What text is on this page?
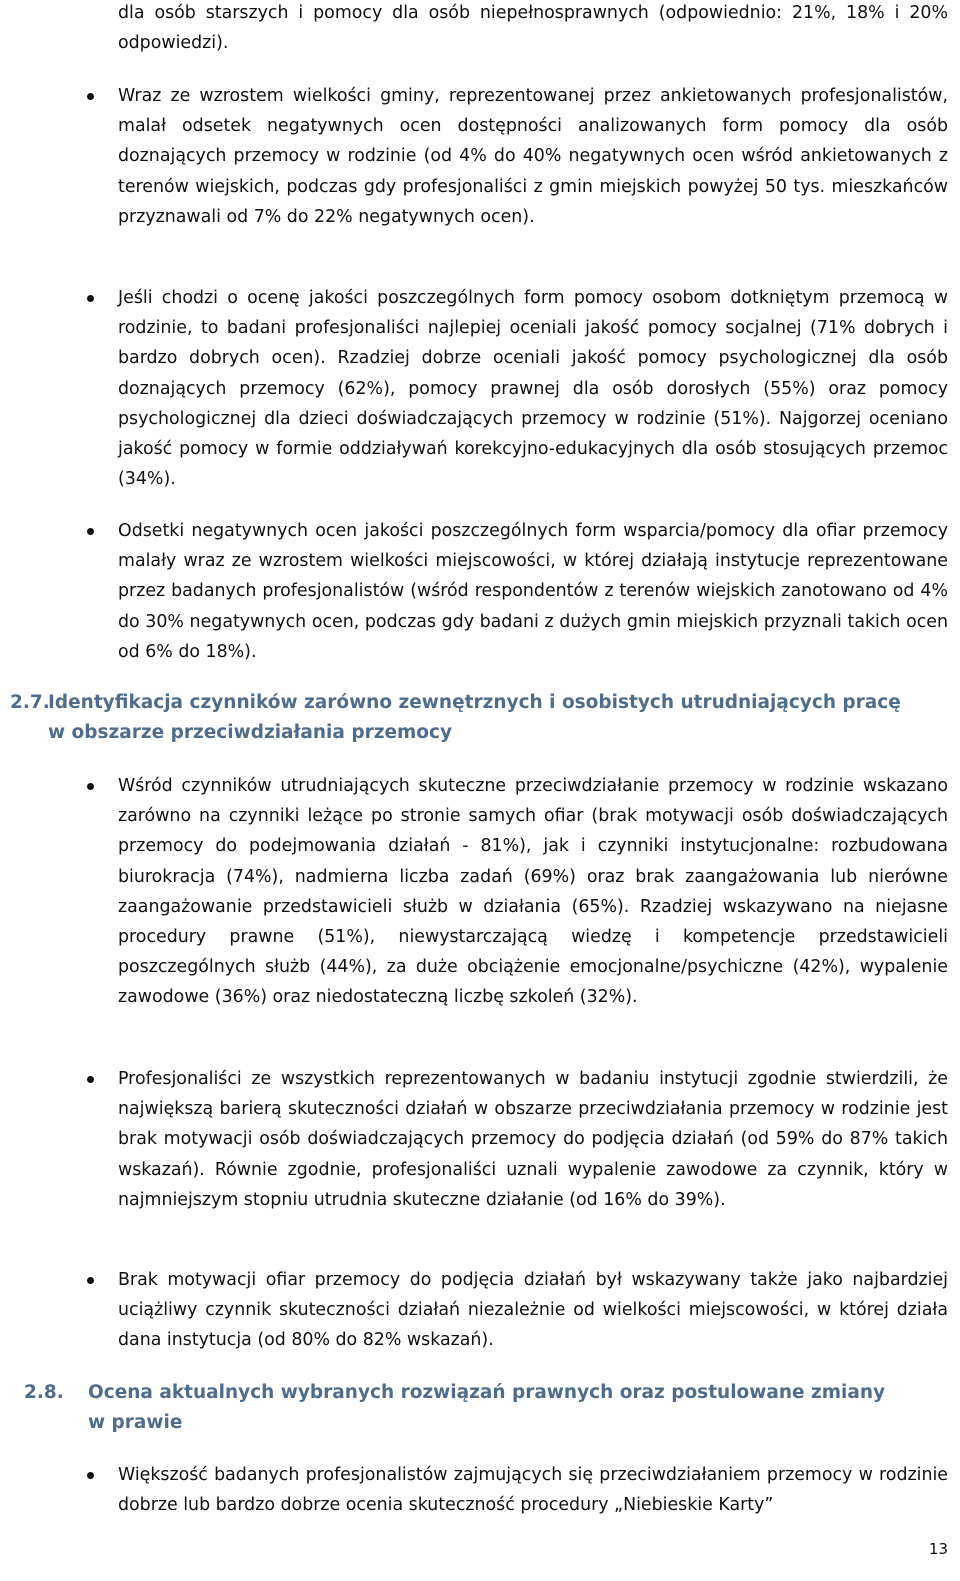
dla osób starszych i pomocy dla osób niepełnosprawnych (odpowiednio: 21%, 18% i 20% odpowiedzi).

Wraz ze wzrostem wielkości gminy, reprezentowanej przez ankietowanych profesjonalistów, malał odsetek negatywnych ocen dostępności analizowanych form pomocy dla osób doznających przemocy w rodzinie (od 4% do 40% negatywnych ocen wśród ankietowanych z terenów wiejskich, podczas gdy profesjonaliści z gmin miejskich powyżej 50 tys. mieszkańców przyznawali od 7% do 22% negatywnych ocen).

Jeśli chodzi o ocenę jakości poszczególnych form pomocy osobom dotkniętym przemocą w rodzinie, to badani profesjonaliści najlepiej oceniali jakość pomocy socjalnej (71% dobrych i bardzo dobrych ocen). Rzadziej dobrze oceniali jakość pomocy psychologicznej dla osób doznających przemocy (62%), pomocy prawnej dla osób dorosłych (55%) oraz pomocy psychologicznej dla dzieci doświadczających przemocy w rodzinie (51%). Najgorzej oceniano jakość pomocy w formie oddziaływań korekcyjno-edukacyjnych dla osób stosujących przemoc (34%).

Odsetki negatywnych ocen jakości poszczególnych form wsparcia/pomocy dla ofiar przemocy malały wraz ze wzrostem wielkości miejscowości, w której działają instytucje reprezentowane przez badanych profesjonalistów (wśród respondentów z terenów wiejskich zanotowano od 4% do 30% negatywnych ocen, podczas gdy badani z dużych gmin miejskich przyznali takich ocen od 6% do 18%).

2.7.
Identyfikacja czynników zarówno zewnętrznych i osobistych utrudniających pracę
w obszarze przeciwdziałania przemocy

Wśród czynników utrudniających skuteczne przeciwdziałanie przemocy w rodzinie wskazano zarówno na czynniki leżące po stronie samych ofiar (brak motywacji osób doświadczających przemocy do podejmowania działań - 81%), jak i czynniki instytucjonalne: rozbudowana biurokracja (74%), nadmierna liczba zadań (69%) oraz brak zaangażowania lub nierówne zaangażowanie przedstawicieli służb w działania (65%). Rzadziej wskazywano na niejasne procedury prawne (51%), niewystarczającą wiedzę i kompetencje przedstawicieli poszczególnych służb (44%), za duże obciążenie emocjonalne/psychiczne (42%), wypalenie zawodowe (36%) oraz niedostateczną liczbę szkoleń (32%).

Profesjonaliści ze wszystkich reprezentowanych w badaniu instytucji zgodnie stwierdzili, że największą barierą skuteczności działań w obszarze przeciwdziałania przemocy w rodzinie jest brak motywacji osób doświadczających przemocy do podjęcia działań (od 59% do 87% takich wskazań). Równie zgodnie, profesjonaliści uznali wypalenie zawodowe za czynnik, który w najmniejszym stopniu utrudnia skuteczne działanie (od 16% do 39%).

Brak motywacji ofiar przemocy do podjęcia działań był wskazywany także jako najbardziej uciążliwy czynnik skuteczności działań niezależnie od wielkości miejscowości, w której działa dana instytucja (od 80% do 82% wskazań).

2.8. Ocena aktualnych wybranych rozwiązań prawnych oraz postulowane zmiany
w prawie

Większość badanych profesjonalistów zajmujących się przeciwdziałaniem przemocy w rodzinie dobrze lub bardzo dobrze ocenia skuteczność procedury „Niebieskie Karty”

13
